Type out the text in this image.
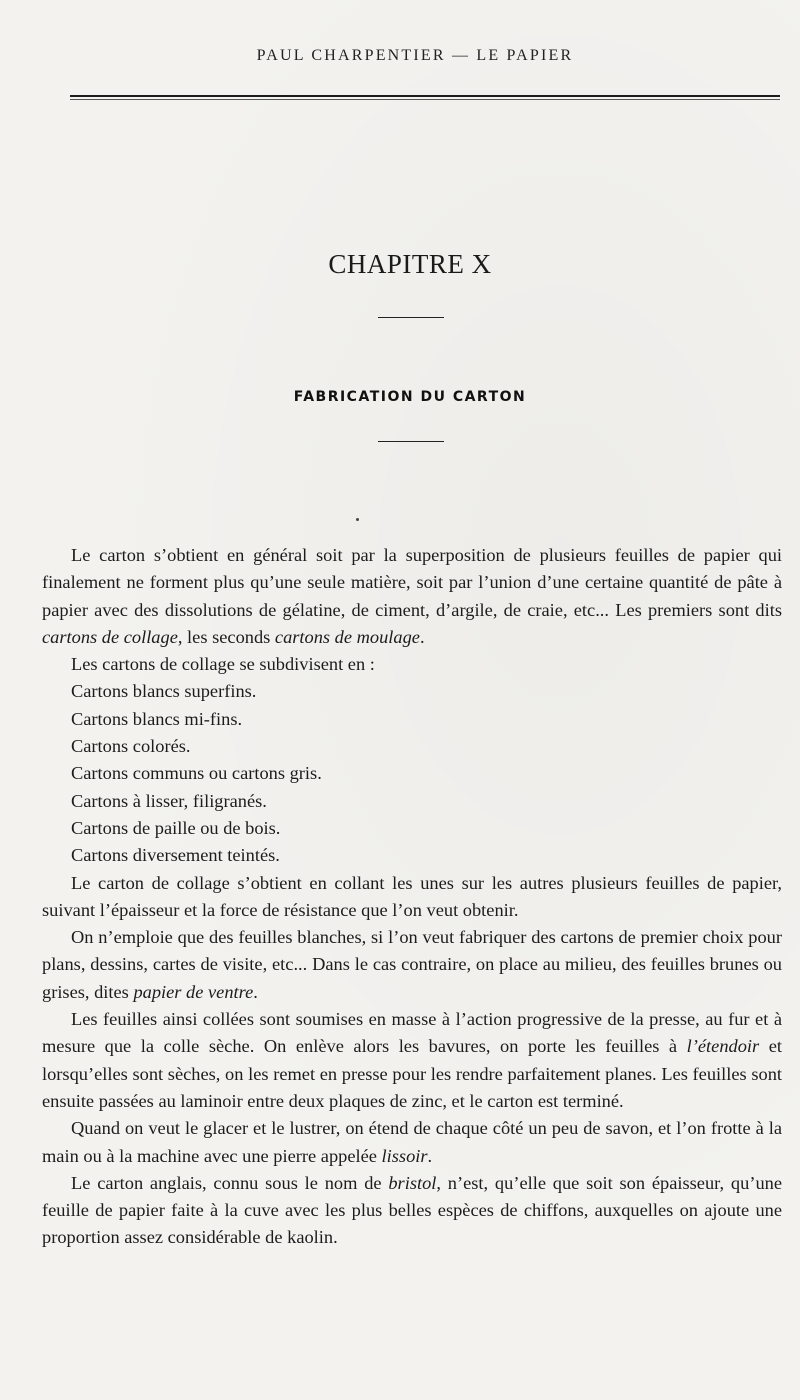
PAUL CHARPENTIER — LE PAPIER
CHAPITRE X
FABRICATION DU CARTON

Le carton s’obtient en général soit par la superposition de plusieurs feuilles de papier qui finalement ne forment plus qu’une seule matière, soit par l’union d’une certaine quantité de pâte à papier avec des dissolutions de gélatine, de ciment, d’argile, de craie, etc... Les premiers sont dits cartons de collage, les seconds cartons de moulage.

Les cartons de collage se subdivisent en :

Cartons blancs superfins.

Cartons blancs mi-fins.

Cartons colorés.

Cartons communs ou cartons gris.

Cartons à lisser, filigranés.

Cartons de paille ou de bois.

Cartons diversement teintés.

Le carton de collage s’obtient en collant les unes sur les autres plusieurs feuilles de papier, suivant l’épaisseur et la force de résistance que l’on veut obtenir.

On n’emploie que des feuilles blanches, si l’on veut fabriquer des cartons de premier choix pour plans, dessins, cartes de visite, etc... Dans le cas contraire, on place au milieu, des feuilles brunes ou grises, dites papier de ventre.

Les feuilles ainsi collées sont soumises en masse à l’action progressive de la presse, au fur et à mesure que la colle sèche. On enlève alors les bavures, on porte les feuilles à l’étendoir et lorsqu’elles sont sèches, on les remet en presse pour les rendre parfaitement planes. Les feuilles sont ensuite passées au laminoir entre deux plaques de zinc, et le carton est terminé.

Quand on veut le glacer et le lustrer, on étend de chaque côté un peu de savon, et l’on frotte à la main ou à la machine avec une pierre appelée lissoir.

Le carton anglais, connu sous le nom de bristol, n’est, qu’elle que soit son épaisseur, qu’une feuille de papier faite à la cuve avec les plus belles espèces de chiffons, auxquelles on ajoute une proportion assez considérable de kaolin.
